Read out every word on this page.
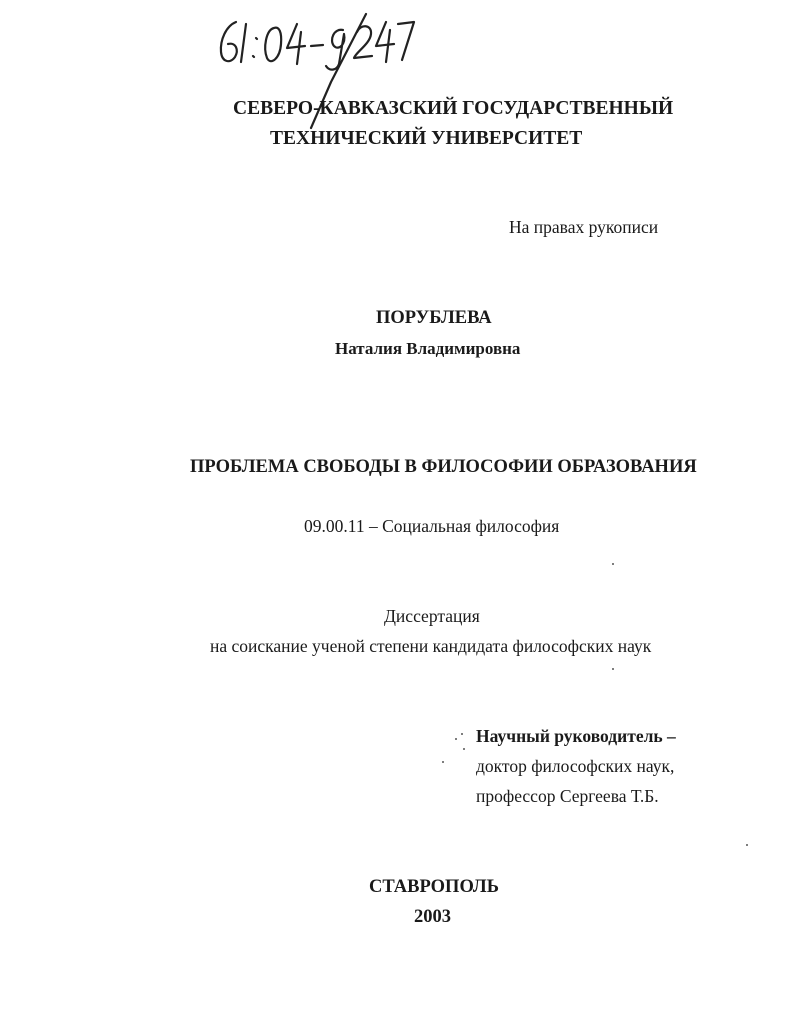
СЕВЕРО-КАВКАЗСКИЙ ГОСУДАРСТВЕННЫЙ
ТЕХНИЧЕСКИЙ УНИВЕРСИТЕТ
На правах рукописи
ПОРУБЛЕВА
Наталия Владимировна
ПРОБЛЕМА СВОБОДЫ В ФИЛОСОФИИ ОБРАЗОВАНИЯ
09.00.11 – Социальная философия
Диссертация
на соискание ученой степени кандидата философских наук
Научный руководитель –
доктор философских наук,
профессор Сергеева Т.Б.
СТАВРОПОЛЬ
2003
